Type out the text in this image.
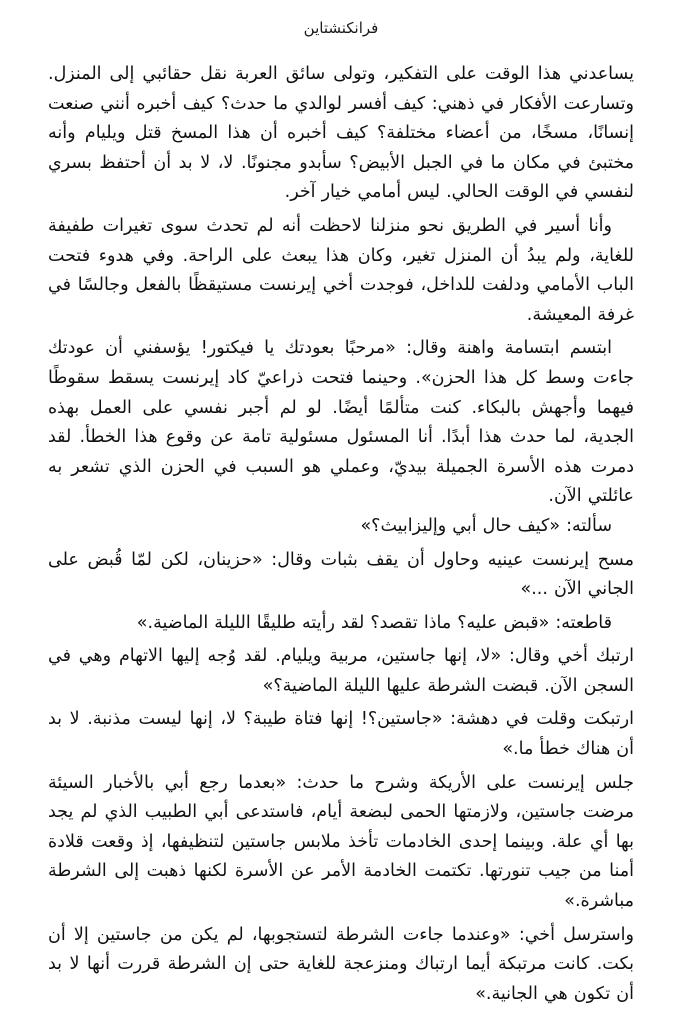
فرانكنشتاين

يساعدني هذا الوقت على التفكير، وتولى سائق العربة نقل حقائبي إلى المنزل. وتسارعت الأفكار في ذهني: كيف أفسر لوالدي ما حدث؟ كيف أخبره أنني صنعت إنسانًا، مسخًا، من أعضاء مختلفة؟ كيف أخبره أن هذا المسخ قتل ويليام وأنه مختبئ في مكان ما في الجبل الأبيض؟ سأبدو مجنونًا. لا، لا بد أن أحتفظ بسري لنفسي في الوقت الحالي. ليس أمامي خيار آخر.

وأنا أسير في الطريق نحو منزلنا لاحظت أنه لم تحدث سوى تغيرات طفيفة للغاية، ولم يبدُ أن المنزل تغير، وكان هذا يبعث على الراحة. وفي هدوء فتحت الباب الأمامي ودلفت للداخل، فوجدت أخي إيرنست مستيقظًا بالفعل وجالسًا في غرفة المعيشة.

ابتسم ابتسامة واهنة وقال: «مرحبًا بعودتك يا فيكتور! يؤسفني أن عودتك جاءت وسط كل هذا الحزن». وحينما فتحت ذراعيّ كاد إيرنست يسقط سقوطًا فيهما وأجهش بالبكاء. كنت متألمًا أيضًا. لو لم أجبر نفسي على العمل بهذه الجدية، لما حدث هذا أبدًا. أنا المسئول مسئولية تامة عن وقوع هذا الخطأ. لقد دمرت هذه الأسرة الجميلة بيديّ، وعملي هو السبب في الحزن الذي تشعر به عائلتي الآن.

سألته: «كيف حال أبي وإليزابيث؟»

مسح إيرنست عينيه وحاول أن يقف بثبات وقال: «حزينان، لكن لمّا قُبض على الجاني الآن ...»

قاطعته: «قبض عليه؟ ماذا تقصد؟ لقد رأيته طليقًا الليلة الماضية.»

ارتبك أخي وقال: «لا، إنها جاستين، مربية ويليام. لقد وُجه إليها الاتهام وهي في السجن الآن. قبضت الشرطة عليها الليلة الماضية؟»

ارتبكت وقلت في دهشة: «جاستين؟! إنها فتاة طيبة؟ لا، إنها ليست مذنبة. لا بد أن هناك خطأ ما.»

جلس إيرنست على الأريكة وشرح ما حدث: «بعدما رجع أبي بالأخبار السيئة مرضت جاستين، ولازمتها الحمى لبضعة أيام، فاستدعى أبي الطبيب الذي لم يجد بها أي علة. وبينما إحدى الخادمات تأخذ ملابس جاستين لتنظيفها، إذ وقعت قلادة أمنا من جيب تنورتها. تكتمت الخادمة الأمر عن الأسرة لكنها ذهبت إلى الشرطة مباشرة.»

واسترسل أخي: «وعندما جاءت الشرطة لتستجوبها، لم يكن من جاستين إلا أن بكت. كانت مرتبكة أيما ارتباك ومنزعجة للغاية حتى إن الشرطة قررت أنها لا بد أن تكون هي الجانية.»
